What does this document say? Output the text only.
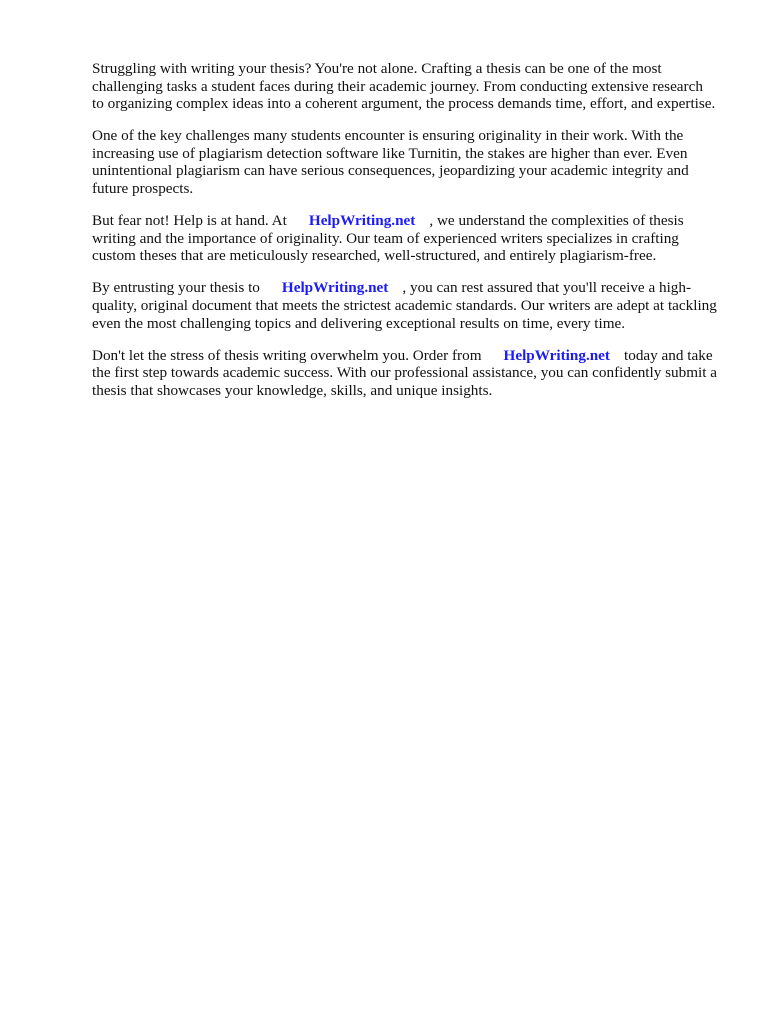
Struggling with writing your thesis? You're not alone. Crafting a thesis can be one of the most challenging tasks a student faces during their academic journey. From conducting extensive research to organizing complex ideas into a coherent argument, the process demands time, effort, and expertise.

One of the key challenges many students encounter is ensuring originality in their work. With the increasing use of plagiarism detection software like Turnitin, the stakes are higher than ever. Even unintentional plagiarism can have serious consequences, jeopardizing your academic integrity and future prospects.

But fear not! Help is at hand. At HelpWriting.net , we understand the complexities of thesis writing and the importance of originality. Our team of experienced writers specializes in crafting custom theses that are meticulously researched, well-structured, and entirely plagiarism-free.

By entrusting your thesis to HelpWriting.net , you can rest assured that you'll receive a high-quality, original document that meets the strictest academic standards. Our writers are adept at tackling even the most challenging topics and delivering exceptional results on time, every time.

Don't let the stress of thesis writing overwhelm you. Order from HelpWriting.net today and take the first step towards academic success. With our professional assistance, you can confidently submit a thesis that showcases your knowledge, skills, and unique insights.
